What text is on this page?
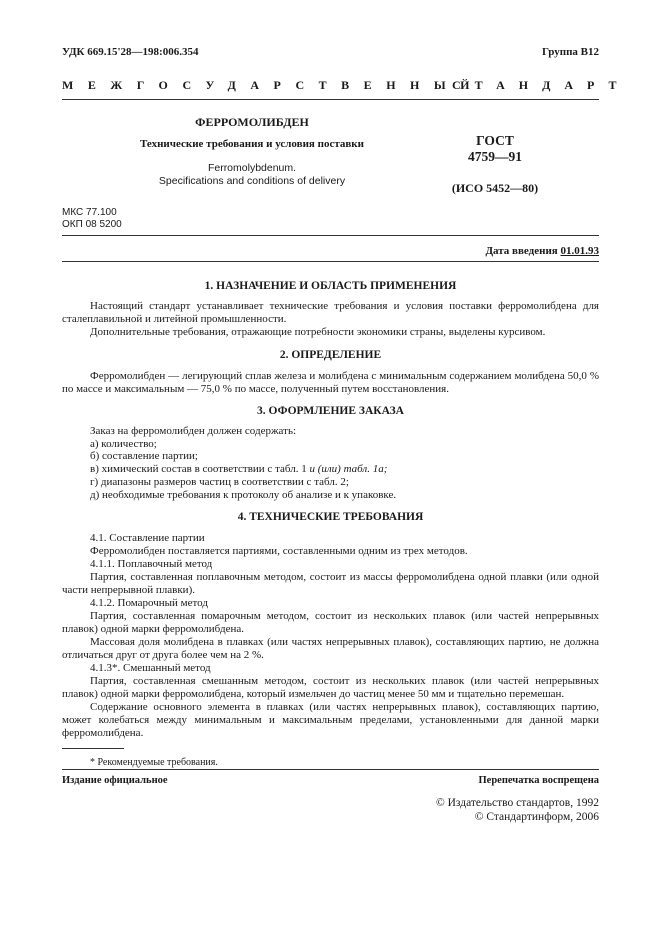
УДК 669.15'28—198:006.354	Группа В12
МЕЖГОСУДАРСТВЕННЫЙ
СТАНДАРТ
ФЕРРОМОЛИБДЕН
Технические требования и условия поставки
Ferromolybdenum.
Specifications and conditions of delivery
ГОСТ
4759—91
(ИСО 5452—80)
МКС 77.100
ОКП 08 5200
Дата введения 01.01.93
1. НАЗНАЧЕНИЕ И ОБЛАСТЬ ПРИМЕНЕНИЯ

Настоящий стандарт устанавливает технические требования и условия поставки ферромолибдена для сталеплавильной и литейной промышленности.

Дополнительные требования, отражающие потребности экономики страны, выделены курсивом.

2. ОПРЕДЕЛЕНИЕ

Ферромолибден — легирующий сплав железа и молибдена с минимальным содержанием молибдена 50,0 % по массе и максимальным — 75,0 % по массе, полученный путем восстановления.

3. ОФОРМЛЕНИЕ ЗАКАЗА
Заказ на ферромолибден должен содержать:
а) количество;
б) составление партии;
в) химический состав в соответствии с табл. 1 и (или) табл. 1а;
г) диапазоны размеров частиц в соответствии с табл. 2;
д) необходимые требования к протоколу об анализе и к упаковке.
4. ТЕХНИЧЕСКИЕ ТРЕБОВАНИЯ

4.1. Составление партии

Ферромолибден поставляется партиями, составленными одним из трех методов.

4.1.1. Поплавочный метод

Партия, составленная поплавочным методом, состоит из массы ферромолибдена одной плавки (или одной части непрерывной плавки).

4.1.2. Помарочный метод

Партия, составленная помарочным методом, состоит из нескольких плавок (или частей непрерывных плавок) одной марки ферромолибдена.

Массовая доля молибдена в плавках (или частях непрерывных плавок), составляющих партию, не должна отличаться друг от друга более чем на 2 %.

4.1.3*. Смешанный метод

Партия, составленная смешанным методом, состоит из нескольких плавок (или частей непрерывных плавок) одной марки ферромолибдена, который измельчен до частиц менее 50 мм и тщательно перемешан.

Содержание основного элемента в плавках (или частях непрерывных плавок), составляющих партию, может колебаться между минимальным и максимальным пределами, установленными для данной марки ферромолибдена.

* Рекомендуемые требования.
Издание официальное	Перепечатка воспрещена
© Издательство стандартов, 1992
© Стандартинформ, 2006
